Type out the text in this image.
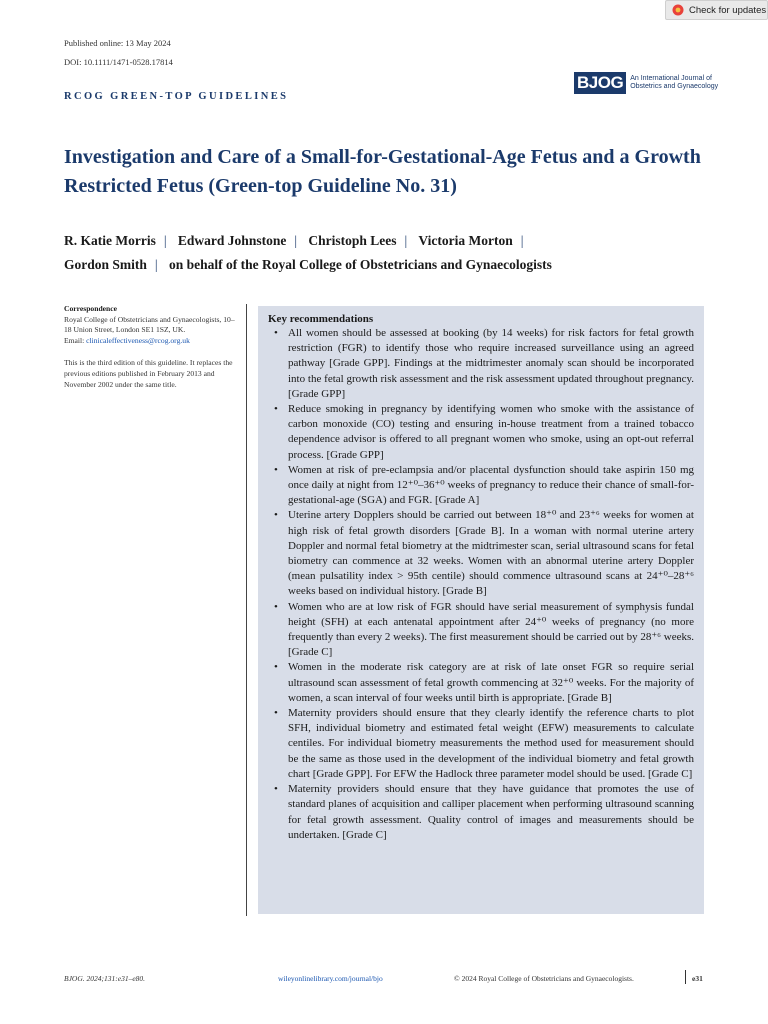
Check for updates
Published online: 13 May 2024
DOI: 10.1111/1471-0528.17814
BJOG	An International Journal of Obstetrics and Gynaecology
RCOG GREEN-TOP GUIDELINES
Investigation and Care of a Small-for-Gestational-Age Fetus and a Growth Restricted Fetus (Green-top Guideline No. 31)
R. Katie Morris | Edward Johnstone | Christoph Lees | Victoria Morton |
Gordon Smith | on behalf of the Royal College of Obstetricians and Gynaecologists

Correspondence

Royal College of Obstetricians and Gynaecologists, 10–18 Union Street, London SE1 1SZ, UK.

Email: clinicaleffectiveness@rcog.org.uk

This is the third edition of this guideline. It replaces the previous editions published in February 2013 and November 2002 under the same title.

Key recommendations
• All women should be assessed at booking (by 14 weeks) for risk factors for fetal growth restriction (FGR) to identify those who require increased surveillance using an agreed pathway [Grade GPP]. Findings at the midtrimester anomaly scan should be incorporated into the fetal growth risk assessment and the risk assessment updated throughout pregnancy. [Grade GPP]
• Reduce smoking in pregnancy by identifying women who smoke with the assistance of carbon monoxide (CO) testing and ensuring in-house treatment from a trained tobacco dependence advisor is offered to all pregnant women who smoke, using an opt-out referral process. [Grade GPP]
• Women at risk of pre-eclampsia and/or placental dysfunction should take aspirin 150 mg once daily at night from 12⁺⁰–36⁺⁰ weeks of pregnancy to reduce their chance of small-for-gestational-age (SGA) and FGR. [Grade A]
• Uterine artery Dopplers should be carried out between 18⁺⁰ and 23⁺⁶ weeks for women at high risk of fetal growth disorders [Grade B]. In a woman with normal uterine artery Doppler and normal fetal biometry at the midtrimester scan, serial ultrasound scans for fetal biometry can commence at 32 weeks. Women with an abnormal uterine artery Doppler (mean pulsatility index > 95th centile) should commence ultrasound scans at 24⁺⁰–28⁺⁶ weeks based on individual history. [Grade B]
• Women who are at low risk of FGR should have serial measurement of symphysis fundal height (SFH) at each antenatal appointment after 24⁺⁰ weeks of pregnancy (no more frequently than every 2 weeks). The first measurement should be carried out by 28⁺⁶ weeks. [Grade C]
• Women in the moderate risk category are at risk of late onset FGR so require serial ultrasound scan assessment of fetal growth commencing at 32⁺⁰ weeks. For the majority of women, a scan interval of four weeks until birth is appropriate. [Grade B]
• Maternity providers should ensure that they clearly identify the reference charts to plot SFH, individual biometry and estimated fetal weight (EFW) measurements to calculate centiles. For individual biometry measurements the method used for measurement should be the same as those used in the development of the individual biometry and fetal growth chart [Grade GPP]. For EFW the Hadlock three parameter model should be used. [Grade C]
• Maternity providers should ensure that they have guidance that promotes the use of standard planes of acquisition and calliper placement when performing ultrasound scanning for fetal growth assessment. Quality control of images and measurements should be undertaken. [Grade C]
BJOG. 2024;131:e31–e80.	wileyonlinelibrary.com/journal/bjo	© 2024 Royal College of Obstetricians and Gynaecologists.	e31
